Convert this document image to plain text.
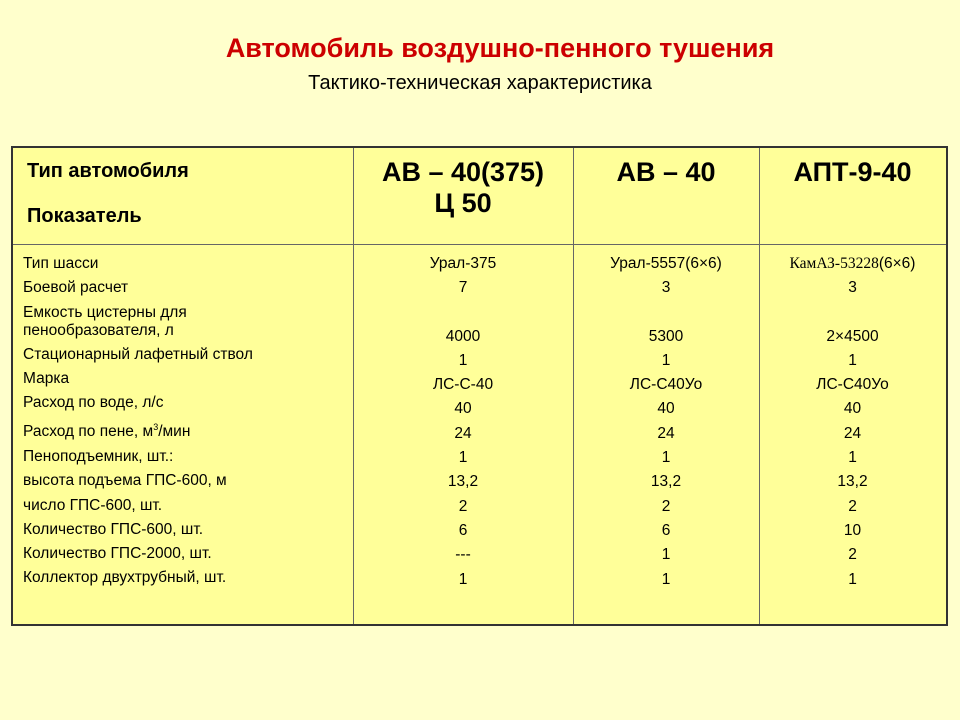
Автомобиль воздушно-пенного тушения
Тактико-техническая характеристика
Тип автомобиля
Показатель
АВ – 40(375)
Ц 50
АВ – 40	АПТ-9-40
Тип шасси
Боевой расчет
Емкость цистерны для
пенообразователя, л
Стационарный лафетный ствол
Марка
Расход по воде, л/с
Расход по пене, $м^3$/мин
Пеноподъемник, шт.:
высота подъема ГПС-600, м
число ГПС-600, шт.
Количество ГПС-600, шт.
Количество ГПС-2000, шт.
Коллектор двухтрубный, шт.
Урал-375
7
4000
1
ЛС-С-40
40
24
1
13,2
2
6
---
1
Урал-5557(6×6)
3
5300
1
ЛС-С40Уо
40
24
1
13,2
2
6
1
1
КамАЗ-53228(6×6)
3
2×4500
1
ЛС-С40Уо
40
24
1
13,2
2
10
2
1
